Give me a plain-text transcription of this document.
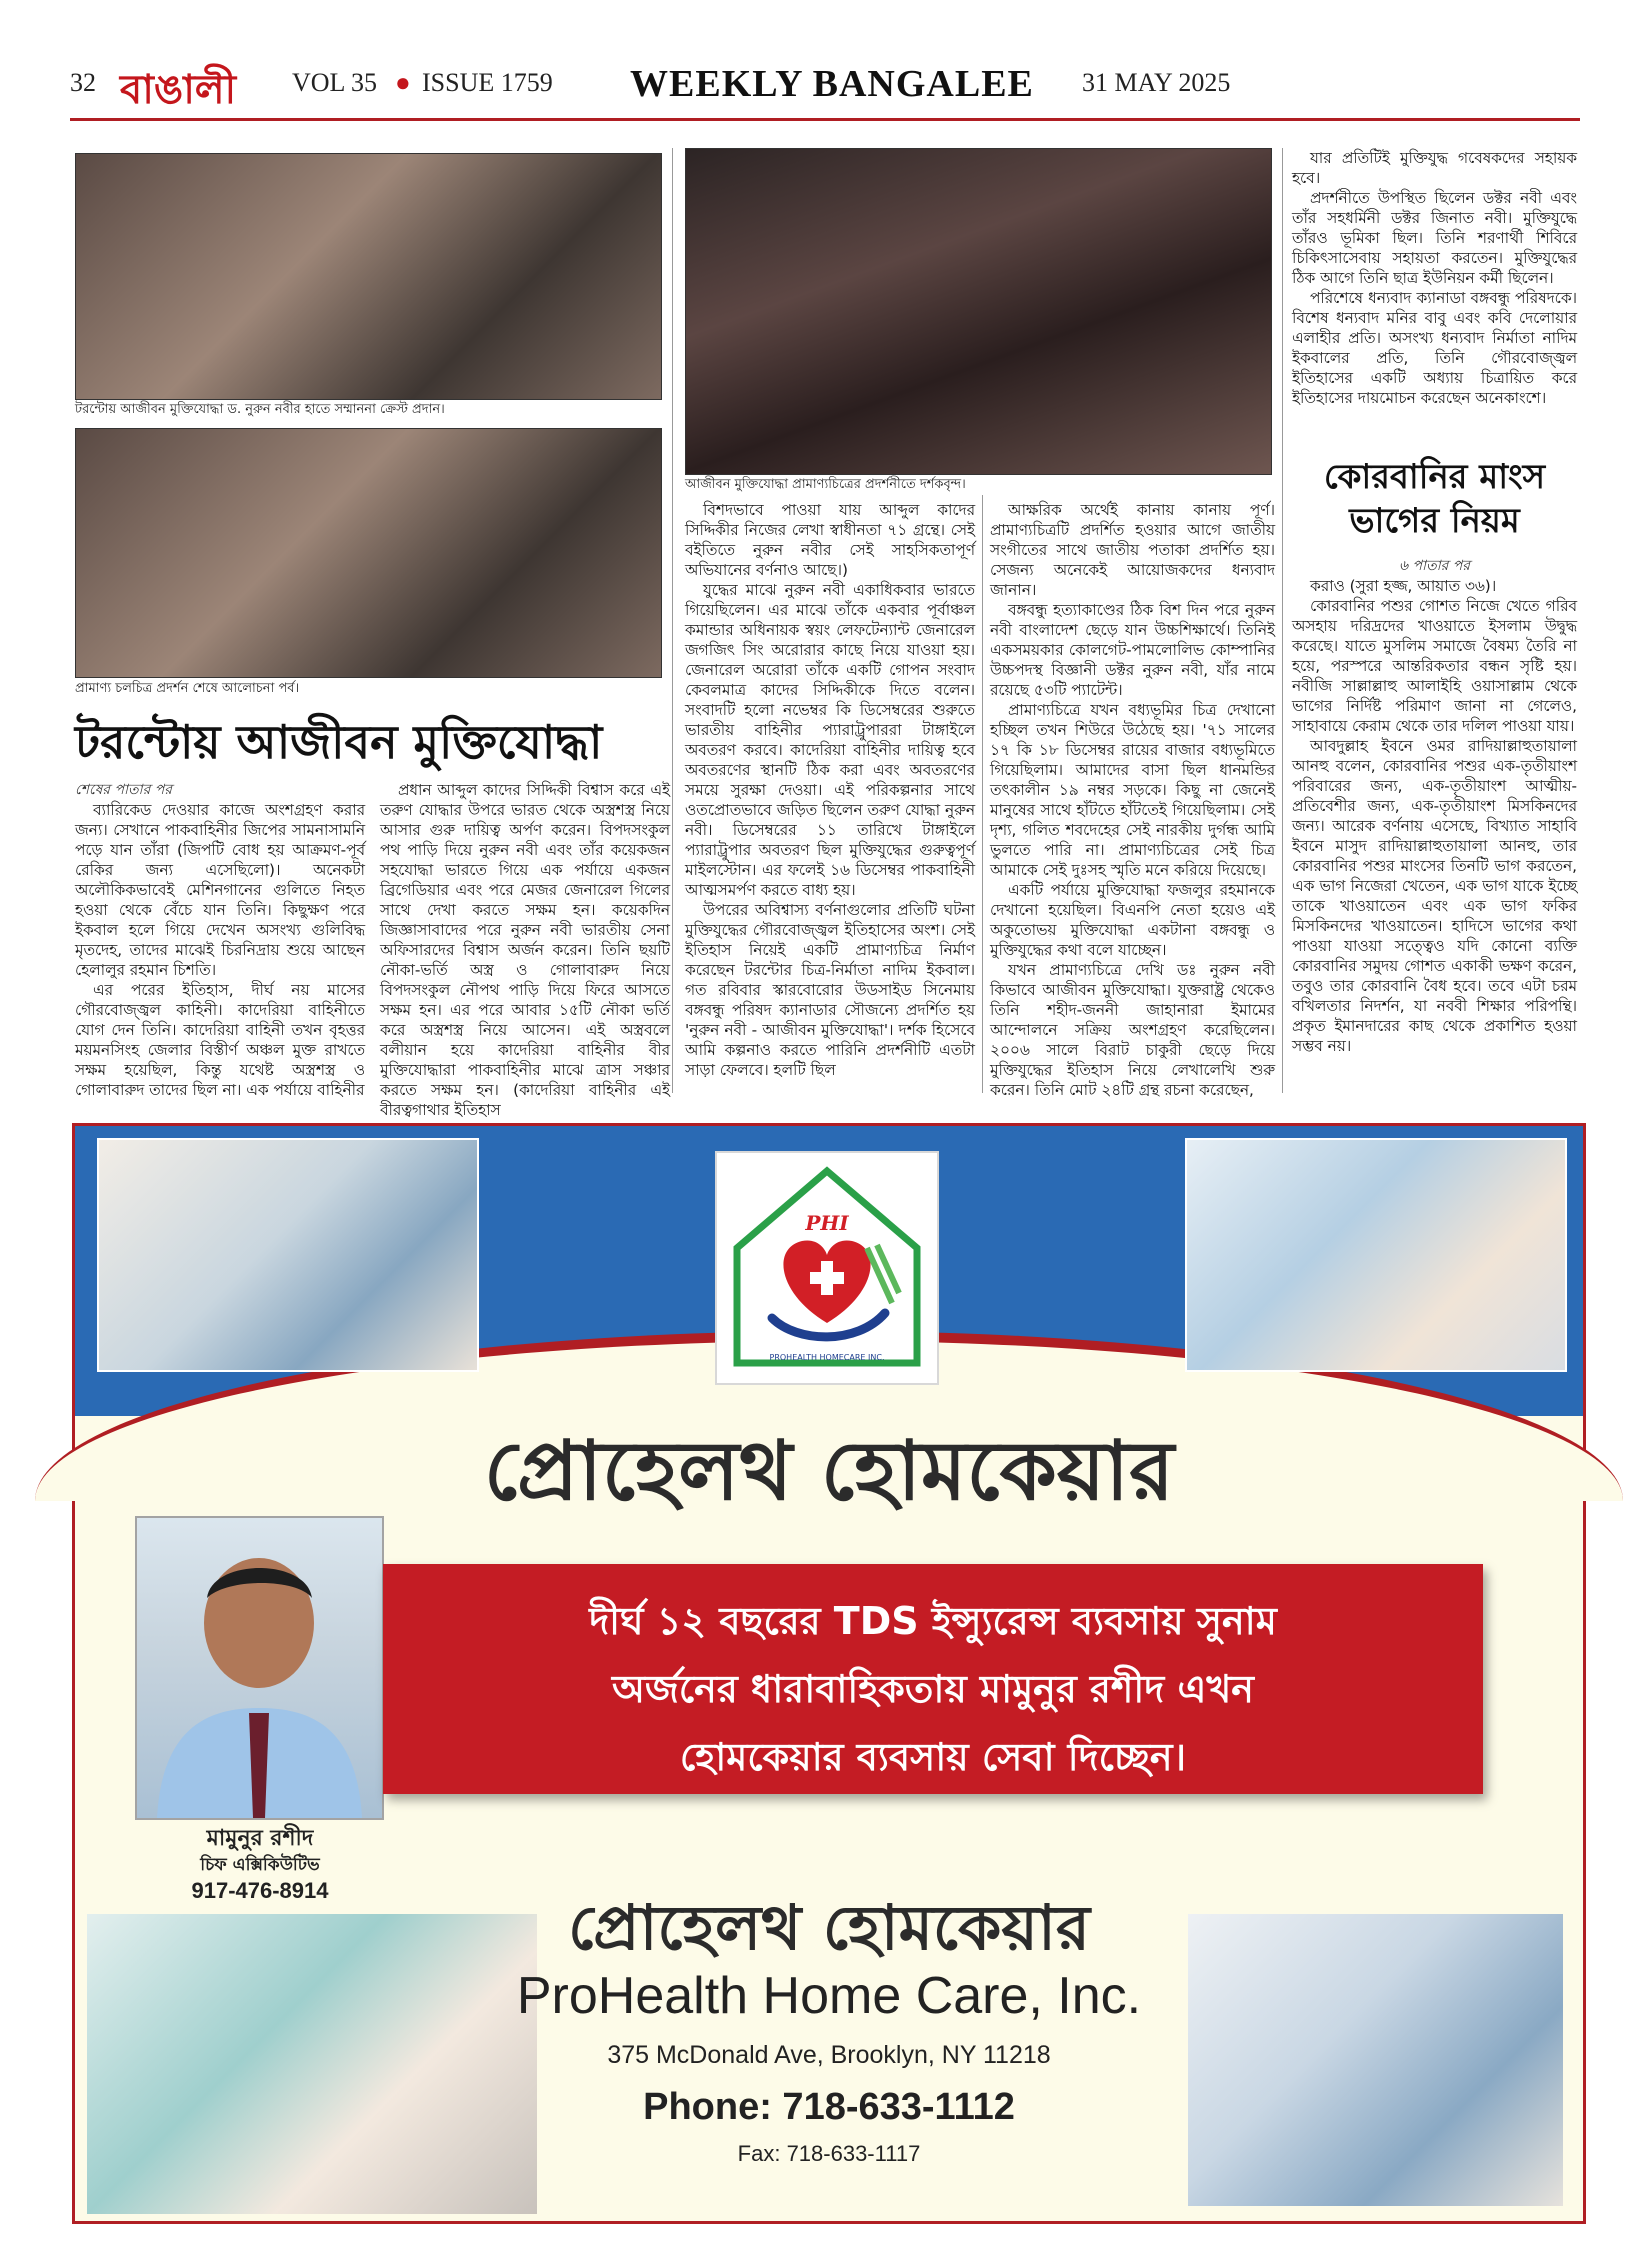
32 বাঙালী VOL 35 ● ISSUE 1759 WEEKLY BANGALEE 31 MAY 2025
টরন্টোয় আজীবন মুক্তিযোদ্ধা ড. নুরুন নবীর হাতে সম্মাননা ক্রেস্ট প্রদান।
প্রামাণ্য চলচিত্র প্রদর্শন শেষে আলোচনা পর্ব।
আজীবন মুক্তিযোদ্ধা প্রামাণ্যচিত্রের প্রদর্শনীতে দর্শকবৃন্দ।
টরন্টোয় আজীবন মুক্তিযোদ্ধা

শেষের পাতার পর

ব্যারিকেড দেওয়ার কাজে অংশগ্রহণ করার জন্য। সেখানে পাকবাহিনীর জিপের সামনাসামনি পড়ে যান তাঁরা (জিপটি বোধ হয় আক্রমণ-পূর্ব রেকির জন্য এসেছিলো)। অনেকটা অলৌকিকভাবেই মেশিনগানের গুলিতে নিহত হওয়া থেকে বেঁচে যান তিনি। কিছুক্ষণ পরে ইকবাল হলে গিয়ে দেখেন অসংখ্য গুলিবিদ্ধ মৃতদেহ, তাদের মাঝেই চিরনিদ্রায় শুয়ে আছেন হেলালুর রহমান চিশতি।

এর পরের ইতিহাস, দীর্ঘ নয় মাসের গৌরবোজ্জ্বল কাহিনী। কাদেরিয়া বাহিনীতে যোগ দেন তিনি। কাদেরিয়া বাহিনী তখন বৃহত্তর ময়মনসিংহ জেলার বিস্তীর্ণ অঞ্চল মুক্ত রাখতে সক্ষম হয়েছিল, কিন্তু যথেষ্ট অস্ত্রশস্ত্র ও গোলাবারুদ তাদের ছিল না। এক পর্যায়ে বাহিনীর

প্রধান আব্দুল কাদের সিদ্দিকী বিশ্বাস করে এই তরুণ যোদ্ধার উপরে ভারত থেকে অস্ত্রশস্ত্র নিয়ে আসার গুরু দায়িত্ব অর্পণ করেন। বিপদসংকুল পথ পাড়ি দিয়ে নুরুন নবী এবং তাঁর কয়েকজন সহযোদ্ধা ভারতে গিয়ে এক পর্যায়ে একজন ব্রিগেডিয়ার এবং পরে মেজর জেনারেল গিলের সাথে দেখা করতে সক্ষম হন। কয়েকদিন জিজ্ঞাসাবাদের পরে নুরুন নবী ভারতীয় সেনা অফিসারদের বিশ্বাস অর্জন করেন। তিনি ছয়টি নৌকা-ভর্তি অস্ত্র ও গোলাবারুদ নিয়ে বিপদসংকুল নৌপথ পাড়ি দিয়ে ফিরে আসতে সক্ষম হন। এর পরে আবার ১৫টি নৌকা ভর্তি করে অস্ত্রশস্ত্র নিয়ে আসেন। এই অস্ত্রবলে বলীয়ান হয়ে কাদেরিয়া বাহিনীর বীর মুক্তিযোদ্ধারা পাকবাহিনীর মাঝে ত্রাস সঞ্চার করতে সক্ষম হন। (কাদেরিয়া বাহিনীর এই বীরত্বগাথার ইতিহাস

বিশদভাবে পাওয়া যায় আব্দুল কাদের সিদ্দিকীর নিজের লেখা স্বাধীনতা ৭১ গ্রন্থে। সেই বইতিতে নুরুন নবীর সেই সাহসিকতাপূর্ণ অভিযানের বর্ণনাও আছে।)

যুদ্ধের মাঝে নুরুন নবী একাধিকবার ভারতে গিয়েছিলেন। এর মাঝে তাঁকে একবার পূর্বাঞ্চল কমান্ডার অধিনায়ক স্বয়ং লেফটেন্যান্ট জেনারেল জগজিৎ সিং অরোরার কাছে নিয়ে যাওয়া হয়। জেনারেল অরোরা তাঁকে একটি গোপন সংবাদ কেবলমাত্র কাদের সিদ্দিকীকে দিতে বলেন। সংবাদটি হলো নভেম্বর কি ডিসেম্বরের শুরুতে ভারতীয় বাহিনীর প্যারাট্রুপাররা টাঙ্গাইলে অবতরণ করবে। কাদেরিয়া বাহিনীর দায়িত্ব হবে অবতরণের স্থানটি ঠিক করা এবং অবতরণের সময়ে সুরক্ষা দেওয়া। এই পরিকল্পনার সাথে ওতপ্রোতভাবে জড়িত ছিলেন তরুণ যোদ্ধা নুরুন নবী। ডিসেম্বরের ১১ তারিখে টাঙ্গাইলে প্যারাট্রুপার অবতরণ ছিল মুক্তিযুদ্ধের গুরুত্বপূর্ণ মাইলস্টোন। এর ফলেই ১৬ ডিসেম্বর পাকবাহিনী আত্মসমর্পণ করতে বাধ্য হয়।

উপরের অবিশ্বাস্য বর্ণনাগুলোর প্রতিটি ঘটনা মুক্তিযুদ্ধের গৌরবোজ্জ্বল ইতিহাসের অংশ। সেই ইতিহাস নিয়েই একটি প্রামাণ্যচিত্র নির্মাণ করেছেন টরন্টোর চিত্র-নির্মাতা নাদিম ইকবাল। গত রবিবার স্কারবোরোর উডসাইড সিনেমায় বঙ্গবন্ধু পরিষদ ক্যানাডার সৌজন্যে প্রদর্শিত হয় 'নুরুন নবী - আজীবন মুক্তিযোদ্ধা'। দর্শক হিসেবে আমি কল্পনাও করতে পারিনি প্রদর্শনীটি এতটা সাড়া ফেলবে। হলটি ছিল

আক্ষরিক অর্থেই কানায় কানায় পূর্ণ। প্রামাণ্যচিত্রটি প্রদর্শিত হওয়ার আগে জাতীয় সংগীতের সাথে জাতীয় পতাকা প্রদর্শিত হয়। সেজন্য অনেকেই আয়োজকদের ধন্যবাদ জানান।

বঙ্গবন্ধু হত্যাকাণ্ডের ঠিক বিশ দিন পরে নুরুন নবী বাংলাদেশ ছেড়ে যান উচ্চশিক্ষার্থে। তিনিই একসময়কার কোলগেট-পামলোলিভ কোম্পানির উচ্চপদস্থ বিজ্ঞানী ডক্টর নুরুন নবী, যাঁর নামে রয়েছে ৫৩টি প্যাটেন্ট।

প্রামাণ্যচিত্রে যখন বধ্যভূমির চিত্র দেখানো হচ্ছিল তখন শিউরে উঠেছে হয়। '৭১ সালের ১৭ কি ১৮ ডিসেম্বর রায়ের বাজার বধ্যভূমিতে গিয়েছিলাম। আমাদের বাসা ছিল ধানমন্ডির তৎকালীন ১৯ নম্বর সড়কে। কিছু না জেনেই মানুষের সাথে হাঁটতে হাঁটতেই গিয়েছিলাম। সেই দৃশ্য, গলিত শবদেহের সেই নারকীয় দুর্গন্ধ আমি ভুলতে পারি না। প্রামাণ্যচিত্রের সেই চিত্র আমাকে সেই দুঃসহ স্মৃতি মনে করিয়ে দিয়েছে।

একটি পর্যায়ে মুক্তিযোদ্ধা ফজলুর রহমানকে দেখানো হয়েছিল। বিএনপি নেতা হয়েও এই অকুতোভয় মুক্তিযোদ্ধা একটানা বঙ্গবন্ধু ও মুক্তিযুদ্ধের কথা বলে যাচ্ছেন।

যখন প্রামাণ্যচিত্রে দেখি ডঃ নুরুন নবী কিভাবে আজীবন মুক্তিযোদ্ধা। যুক্তরাষ্ট্র থেকেও তিনি শহীদ-জননী জাহানারা ইমামের আন্দোলনে সক্রিয় অংশগ্রহণ করেছিলেন। ২০০৬ সালে বিরাট চাকুরী ছেড়ে দিয়ে মুক্তিযুদ্ধের ইতিহাস নিয়ে লেখালেখি শুরু করেন। তিনি মোট ২৪টি গ্রন্থ রচনা করেছেন,

যার প্রতিটিই মুক্তিযুদ্ধ গবেষকদের সহায়ক হবে।

প্রদর্শনীতে উপস্থিত ছিলেন ডক্টর নবী এবং তাঁর সহধর্মিনী ডক্টর জিনাত নবী। মুক্তিযুদ্ধে তাঁরও ভূমিকা ছিল। তিনি শরণার্থী শিবিরে চিকিৎসাসেবায় সহায়তা করতেন। মুক্তিযুদ্ধের ঠিক আগে তিনি ছাত্র ইউনিয়ন কর্মী ছিলেন।

পরিশেষে ধন্যবাদ ক্যানাডা বঙ্গবন্ধু পরিষদকে। বিশেষ ধন্যবাদ মনির বাবু এবং কবি দেলোয়ার এলাহীর প্রতি। অসংখ্য ধন্যবাদ নির্মাতা নাদিম ইকবালের প্রতি, তিনি গৌরবোজ্জ্বল ইতিহাসের একটি অধ্যায় চিত্রায়িত করে ইতিহাসের দায়মোচন করেছেন অনেকাংশে।

কোরবানির মাংস
ভাগের নিয়ম

৬ পাতার পর

করাও (সুরা হজ্জ, আয়াত ৩৬)।

কোরবানির পশুর গোশত নিজে খেতে গরিব অসহায় দরিদ্রদের খাওয়াতে ইসলাম উদ্বুদ্ধ করেছে। যাতে মুসলিম সমাজে বৈষম্য তৈরি না হয়ে, পরস্পরে আন্তরিকতার বন্ধন সৃষ্টি হয়। নবীজি সাল্লাল্লাহু আলাইহি ওয়াসাল্লাম থেকে ভাগের নির্দিষ্ট পরিমাণ জানা না গেলেও, সাহাবায়ে কেরাম থেকে তার দলিল পাওয়া যায়।

আবদুল্লাহ ইবনে ওমর রাদিয়াল্লাহুতায়ালা আনহু বলেন, কোরবানির পশুর এক-তৃতীয়াংশ পরিবারের জন্য, এক-তৃতীয়াংশ আত্মীয়-প্রতিবেশীর জন্য, এক-তৃতীয়াংশ মিসকিনদের জন্য। আরেক বর্ণনায় এসেছে, বিখ্যাত সাহাবি ইবনে মাসুদ রাদিয়াল্লাহুতায়ালা আনহু, তার কোরবানির পশুর মাংসের তিনটি ভাগ করতেন, এক ভাগ নিজেরা খেতেন, এক ভাগ যাকে ইচ্ছে তাকে খাওয়াতেন এবং এক ভাগ ফকির মিসকিনদের খাওয়াতেন। হাদিসে ভাগের কথা পাওয়া যাওয়া সত্ত্বেও যদি কোনো ব্যক্তি কোরবানির সমুদয় গোশত একাকী ভক্ষণ করেন, তবুও তার কোরবানি বৈধ হবে। তবে এটা চরম বখিলতার নিদর্শন, যা নববী শিক্ষার পরিপন্থি। প্রকৃত ইমানদারের কাছ থেকে প্রকাশিত হওয়া সম্ভব নয়।

PHI
PROHEALTH HOMECARE INC.
প্রোহেলথ হোমকেয়ার
দীর্ঘ ১২ বছরের TDS ইন্স্যুরেন্স ব্যবসায় সুনাম
অর্জনের ধারাবাহিকতায় মামুনুর রশীদ এখন
হোমকেয়ার ব্যবসায় সেবা দিচ্ছেন।
মামুনুর রশীদ
চিফ এক্সিকিউটিভ
917-476-8914
প্রোহেলথ হোমকেয়ার
ProHealth Home Care, Inc.
375 McDonald Ave, Brooklyn, NY 11218
Phone: 718-633-1112
Fax: 718-633-1117
